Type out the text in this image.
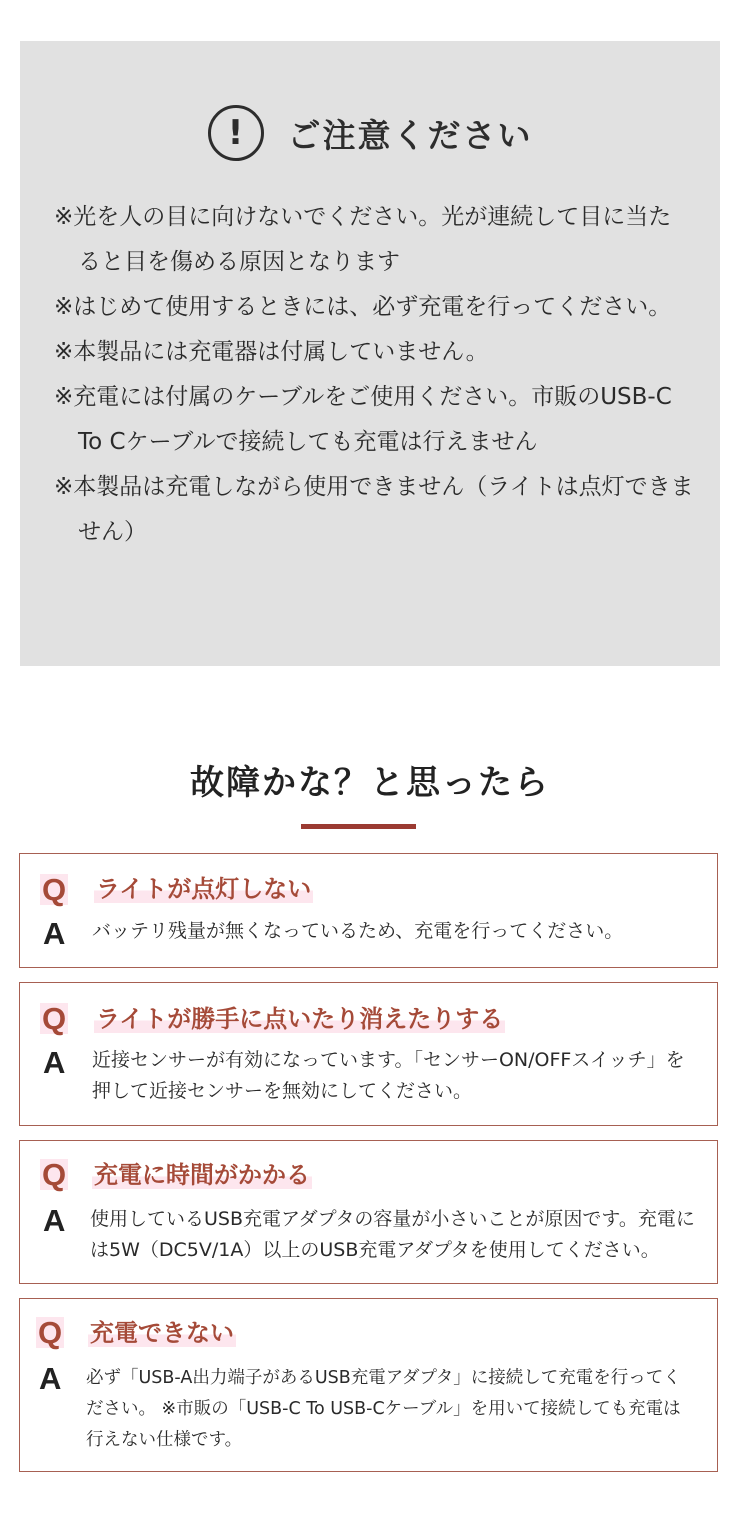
!	ご注意ください
※光を人の目に向けないでください。光が連続して目に当たると目を傷める原因となります
※はじめて使用するときには、必ず充電を行ってください。
※本製品には充電器は付属していません。
※充電には付属のケーブルをご使用ください。市販のUSB-C To Cケーブルで接続しても充電は行えません
※本製品は充電しながら使用できません（ライトは点灯できません）
故障かな？と思ったら
Q ライトが点灯しない
A バッテリ残量が無くなっているため、充電を行ってください。
Q ライトが勝手に点いたり消えたりする
A 近接センサーが有効になっています。「センサーON/OFFスイッチ」を押して近接センサーを無効にしてください。
Q 充電に時間がかかる
A 使用しているUSB充電アダプタの容量が小さいことが原因です。充電には5W（DC5V/1A）以上のUSB充電アダプタを使用してください。
Q 充電できない
A 必ず「USB-A出力端子があるUSB充電アダプタ」に接続して充電を行ってください。 ※市販の「USB-C To USB-Cケーブル」を用いて接続しても充電は行えない仕様です。
